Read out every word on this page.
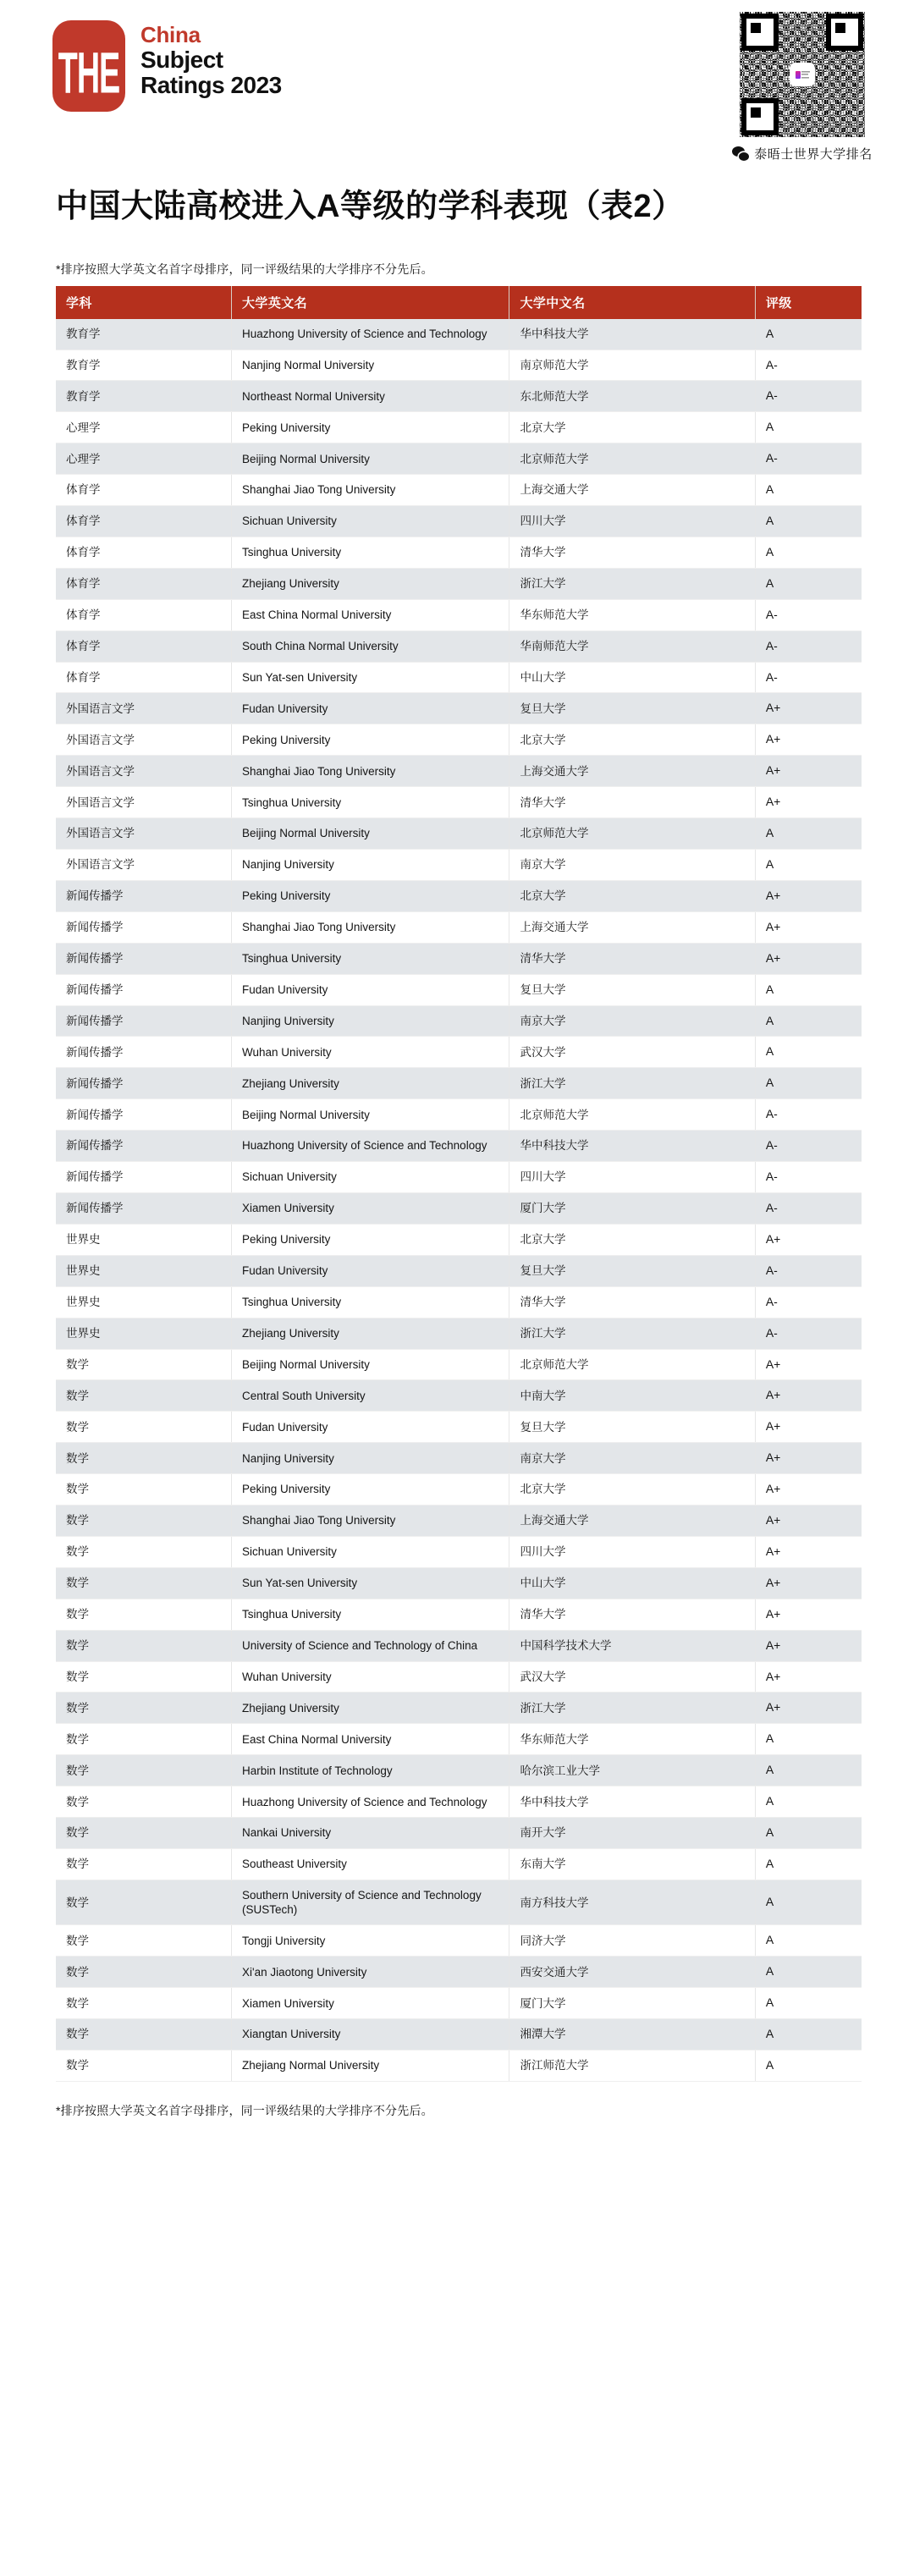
THE
China
Subject
Ratings 2023
泰晤士世界大学排名
中国大陆高校进入A等级的学科表现（表2）
*排序按照大学英文名首字母排序，同一评级结果的大学排序不分先后。
学科	大学英文名	大学中文名	评级
教育学	Huazhong University of Science and Technology	华中科技大学	A
教育学	Nanjing Normal University	南京师范大学	A-
教育学	Northeast Normal University	东北师范大学	A-
心理学	Peking University	北京大学	A
心理学	Beijing Normal University	北京师范大学	A-
体育学	Shanghai Jiao Tong University	上海交通大学	A
体育学	Sichuan University	四川大学	A
体育学	Tsinghua University	清华大学	A
体育学	Zhejiang University	浙江大学	A
体育学	East China Normal University	华东师范大学	A-
体育学	South China Normal University	华南师范大学	A-
体育学	Sun Yat-sen University	中山大学	A-
外国语言文学	Fudan University	复旦大学	A+
外国语言文学	Peking University	北京大学	A+
外国语言文学	Shanghai Jiao Tong University	上海交通大学	A+
外国语言文学	Tsinghua University	清华大学	A+
外国语言文学	Beijing Normal University	北京师范大学	A
外国语言文学	Nanjing University	南京大学	A
新闻传播学	Peking University	北京大学	A+
新闻传播学	Shanghai Jiao Tong University	上海交通大学	A+
新闻传播学	Tsinghua University	清华大学	A+
新闻传播学	Fudan University	复旦大学	A
新闻传播学	Nanjing University	南京大学	A
新闻传播学	Wuhan University	武汉大学	A
新闻传播学	Zhejiang University	浙江大学	A
新闻传播学	Beijing Normal University	北京师范大学	A-
新闻传播学	Huazhong University of Science and Technology	华中科技大学	A-
新闻传播学	Sichuan University	四川大学	A-
新闻传播学	Xiamen University	厦门大学	A-
世界史	Peking University	北京大学	A+
世界史	Fudan University	复旦大学	A-
世界史	Tsinghua University	清华大学	A-
世界史	Zhejiang University	浙江大学	A-
数学	Beijing Normal University	北京师范大学	A+
数学	Central South University	中南大学	A+
数学	Fudan University	复旦大学	A+
数学	Nanjing University	南京大学	A+
数学	Peking University	北京大学	A+
数学	Shanghai Jiao Tong University	上海交通大学	A+
数学	Sichuan University	四川大学	A+
数学	Sun Yat-sen University	中山大学	A+
数学	Tsinghua University	清华大学	A+
数学	University of Science and Technology of China	中国科学技术大学	A+
数学	Wuhan University	武汉大学	A+
数学	Zhejiang University	浙江大学	A+
数学	East China Normal University	华东师范大学	A
数学	Harbin Institute of Technology	哈尔滨工业大学	A
数学	Huazhong University of Science and Technology	华中科技大学	A
数学	Nankai University	南开大学	A
数学	Southeast University	东南大学	A
数学	Southern University of Science and Technology (SUSTech)	南方科技大学	A
数学	Tongji University	同济大学	A
数学	Xi'an Jiaotong University	西安交通大学	A
数学	Xiamen University	厦门大学	A
数学	Xiangtan University	湘潭大学	A
数学	Zhejiang Normal University	浙江师范大学	A
*排序按照大学英文名首字母排序，同一评级结果的大学排序不分先后。
